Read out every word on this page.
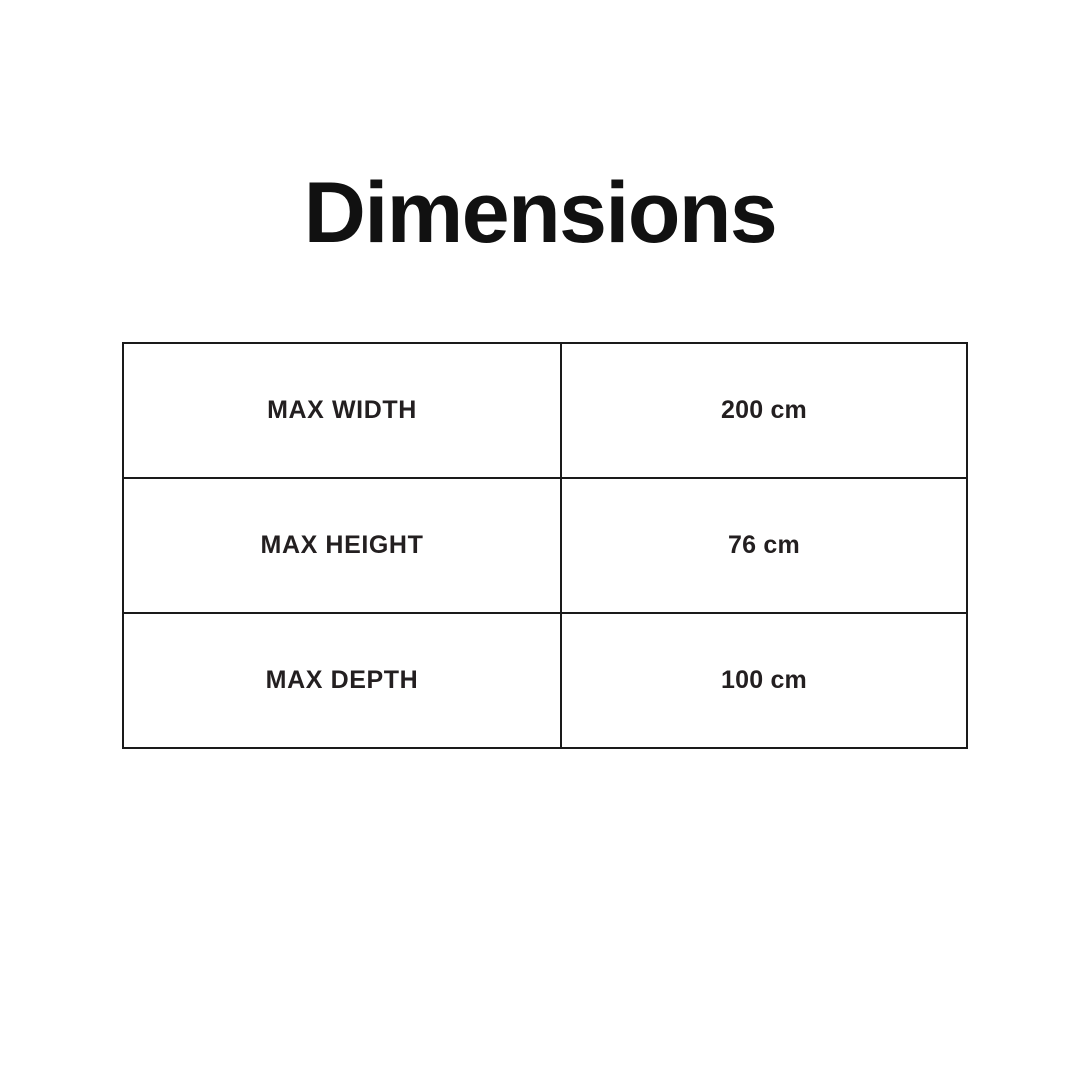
Dimensions
MAX WIDTH	200 cm
MAX HEIGHT	76 cm
MAX DEPTH	100 cm
